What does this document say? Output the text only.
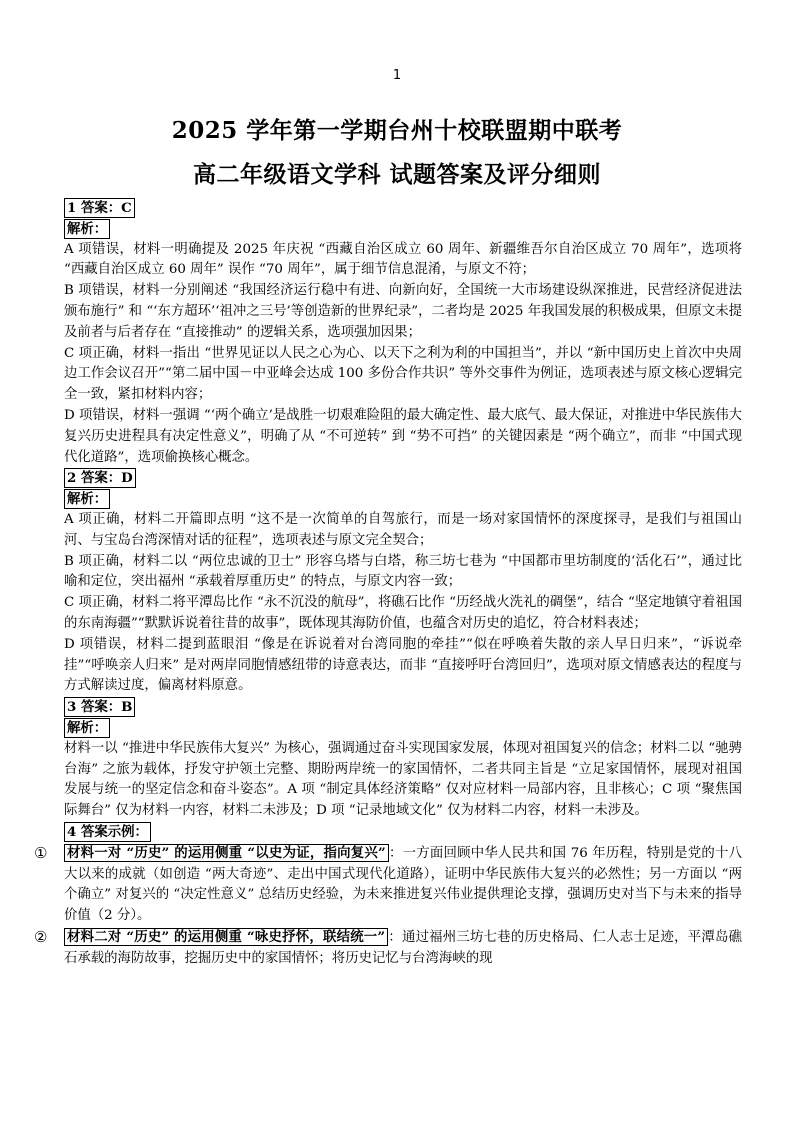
1
2025 学年第一学期台州十校联盟期中联考
高二年级语文学科 试题答案及评分细则
1 答案：C
解析：
A 项错误，材料一明确提及 2025 年庆祝 “西藏自治区成立 60 周年、新疆维吾尔自治区成立 70 周年”，选项将 “西藏自治区成立 60 周年” 误作 “70 周年”，属于细节信息混淆，与原文不符；
B 项错误，材料一分别阐述 “我国经济运行稳中有进、向新向好，全国统一大市场建设纵深推进，民营经济促进法颁布施行” 和 “‘东方超环’‘祖冲之三号’等创造新的世界纪录”，二者均是 2025 年我国发展的积极成果，但原文未提及前者与后者存在 “直接推动” 的逻辑关系，选项强加因果；
C 项正确，材料一指出 “世界见证以人民之心为心、以天下之利为利的中国担当”，并以 “新中国历史上首次中央周边工作会议召开”“第二届中国－中亚峰会达成 100 多份合作共识” 等外交事件为例证，选项表述与原文核心逻辑完全一致，紧扣材料内容；
D 项错误，材料一强调 “‘两个确立’是战胜一切艰难险阻的最大确定性、最大底气、最大保证，对推进中华民族伟大复兴历史进程具有决定性意义”，明确了从 “不可逆转” 到 “势不可挡” 的关键因素是 “两个确立”，而非 “中国式现代化道路”，选项偷换核心概念。
2 答案：D
解析：
A 项正确，材料二开篇即点明 “这不是一次简单的自驾旅行，而是一场对家国情怀的深度探寻，是我们与祖国山河、与宝岛台湾深情对话的征程”，选项表述与原文完全契合；
B 项正确，材料二以 “两位忠诚的卫士” 形容乌塔与白塔，称三坊七巷为 “中国都市里坊制度的‘活化石’”，通过比喻和定位，突出福州 “承载着厚重历史” 的特点，与原文内容一致；
C 项正确，材料二将平潭岛比作 “永不沉没的航母”，将礁石比作 “历经战火洗礼的碉堡”，结合 “坚定地镇守着祖国的东南海疆”“默默诉说着往昔的故事”，既体现其海防价值，也蕴含对历史的追忆，符合材料表述；
D 项错误，材料二提到蓝眼泪 “像是在诉说着对台湾同胞的牵挂”“似在呼唤着失散的亲人早日归来”，“诉说牵挂”“呼唤亲人归来” 是对两岸同胞情感纽带的诗意表达，而非 “直接呼吁台湾回归”，选项对原文情感表达的程度与方式解读过度，偏离材料原意。
3 答案：B
解析：
材料一以 “推进中华民族伟大复兴” 为核心，强调通过奋斗实现国家发展，体现对祖国复兴的信念；材料二以 “驰骋台海” 之旅为载体，抒发守护领土完整、期盼两岸统一的家国情怀，二者共同主旨是 “立足家国情怀，展现对祖国发展与统一的坚定信念和奋斗姿态”。A 项 “制定具体经济策略” 仅对应材料一局部内容，且非核心；C 项 “聚焦国际舞台” 仅为材料一内容，材料二未涉及；D 项 “记录地域文化” 仅为材料二内容，材料一未涉及。
4 答案示例：
① 材料一对 “历史” 的运用侧重 “以史为证，指向复兴” ：一方面回顾中华人民共和国 76 年历程，特别是党的十八大以来的成就（如创造 “两大奇迹”、走出中国式现代化道路），证明中华民族伟大复兴的必然性；另一方面以 “两个确立” 对复兴的 “决定性意义” 总结历史经验，为未来推进复兴伟业提供理论支撑，强调历史对当下与未来的指导价值（2 分）。
② 材料二对 “历史” 的运用侧重 “咏史抒怀，联结统一” ：通过福州三坊七巷的历史格局、仁人志士足迹，平潭岛礁石承载的海防故事，挖掘历史中的家国情怀；将历史记忆与台湾海峡的现
